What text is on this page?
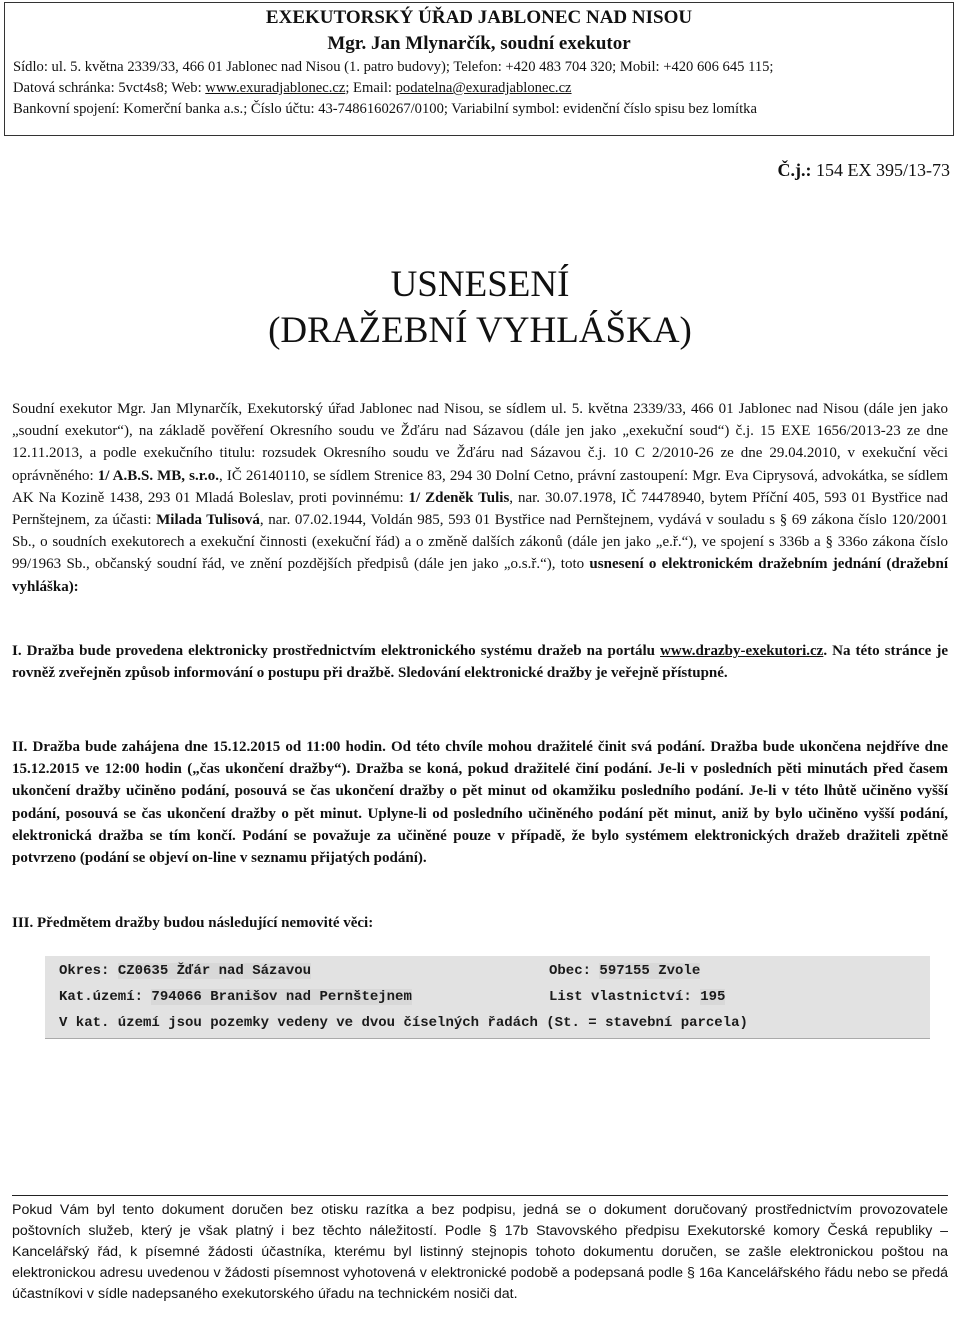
EXEKUTORSKÝ ÚŘAD JABLONEC NAD NISOU
Mgr. Jan Mlynarčík, soudní exekutor
Sídlo: ul. 5. května 2339/33, 466 01 Jablonec nad Nisou (1. patro budovy); Telefon: +420 483 704 320; Mobil: +420 606 645 115;
Datová schránka: 5vct4s8; Web: www.exuradjablonec.cz; Email: podatelna@exuradjablonec.cz
Bankovní spojení: Komerční banka a.s.; Číslo účtu: 43-7486160267/0100; Variabilní symbol: evidenční číslo spisu bez lomítka
Č.j.: 154 EX 395/13-73
USNESENÍ
(DRAŽEBNÍ VYHLÁŠKA)
Soudní exekutor Mgr. Jan Mlynarčík, Exekutorský úřad Jablonec nad Nisou, se sídlem ul. 5. května 2339/33, 466 01 Jablonec nad Nisou (dále jen jako „soudní exekutor“), na základě pověření Okresního soudu ve Žďáru nad Sázavou (dále jen jako „exekuční soud“) č.j. 15 EXE 1656/2013-23 ze dne 12.11.2013, a podle exekučního titulu: rozsudek Okresního soudu ve Žďáru nad Sázavou č.j. 10 C 2/2010-26 ze dne 29.04.2010, v exekuční věci oprávněného: 1/ A.B.S. MB, s.r.o., IČ 26140110, se sídlem Strenice 83, 294 30 Dolní Cetno, právní zastoupení: Mgr. Eva Ciprysová, advokátka, se sídlem AK Na Kozině 1438, 293 01 Mladá Boleslav, proti povinnému: 1/ Zdeněk Tulis, nar. 30.07.1978, IČ 74478940, bytem Příční 405, 593 01 Bystřice nad Pernštejnem, za účasti: Milada Tulisová, nar. 07.02.1944, Voldán 985, 593 01 Bystřice nad Pernštejnem, vydává v souladu s § 69 zákona číslo 120/2001 Sb., o soudních exekutorech a exekuční činnosti (exekuční řád) a o změně dalších zákonů (dále jen jako „e.ř.“), ve spojení s 336b a § 336o zákona číslo 99/1963 Sb., občanský soudní řád, ve znění pozdějších předpisů (dále jen jako „o.s.ř.“), toto usnesení o elektronickém dražebním jednání (dražební vyhláška):
I. Dražba bude provedena elektronicky prostřednictvím elektronického systému dražeb na portálu www.drazby-exekutori.cz. Na této stránce je rovněž zveřejněn způsob informování o postupu při dražbě. Sledování elektronické dražby je veřejně přístupné.
II. Dražba bude zahájena dne 15.12.2015 od 11:00 hodin. Od této chvíle mohou dražitelé činit svá podání. Dražba bude ukončena nejdříve dne 15.12.2015 ve 12:00 hodin („čas ukončení dražby“). Dražba se koná, pokud dražitelé činí podání. Je-li v posledních pěti minutách před časem ukončení dražby učiněno podání, posouvá se čas ukončení dražby o pět minut od okamžiku posledního podání. Je-li v této lhůtě učiněno vyšší podání, posouvá se čas ukončení dražby o pět minut. Uplyne-li od posledního učiněného podání pět minut, aniž by bylo učiněno vyšší podání, elektronická dražba se tím končí. Podání se považuje za učiněné pouze v případě, že bylo systémem elektronických dražeb dražiteli zpětně potvrzeno (podání se objeví on-line v seznamu přijatých podání).
III. Předmětem dražby budou následující nemovité věci:
Okres: CZ0635 Žďár nad Sázavou	Obec: 597155 Zvole
Kat.území: 794066 Branišov nad Pernštejnem	List vlastnictví: 195
V kat. území jsou pozemky vedeny ve dvou číselných řadách (St. = stavební parcela)
Pokud Vám byl tento dokument doručen bez otisku razítka a bez podpisu, jedná se o dokument doručovaný prostřednictvím provozovatele poštovních služeb, který je však platný i bez těchto náležitostí. Podle § 17b Stavovského předpisu Exekutorské komory Česká republiky – Kancelářský řád, k písemné žádosti účastníka, kterému byl listinný stejnopis tohoto dokumentu doručen, se zašle elektronickou poštou na elektronickou adresu uvedenou v žádosti písemnost vyhotovená v elektronické podobě a podepsaná podle § 16a Kancelářského řádu nebo se předá účastníkovi v sídle nadepsaného exekutorského úřadu na technickém nosiči dat.
